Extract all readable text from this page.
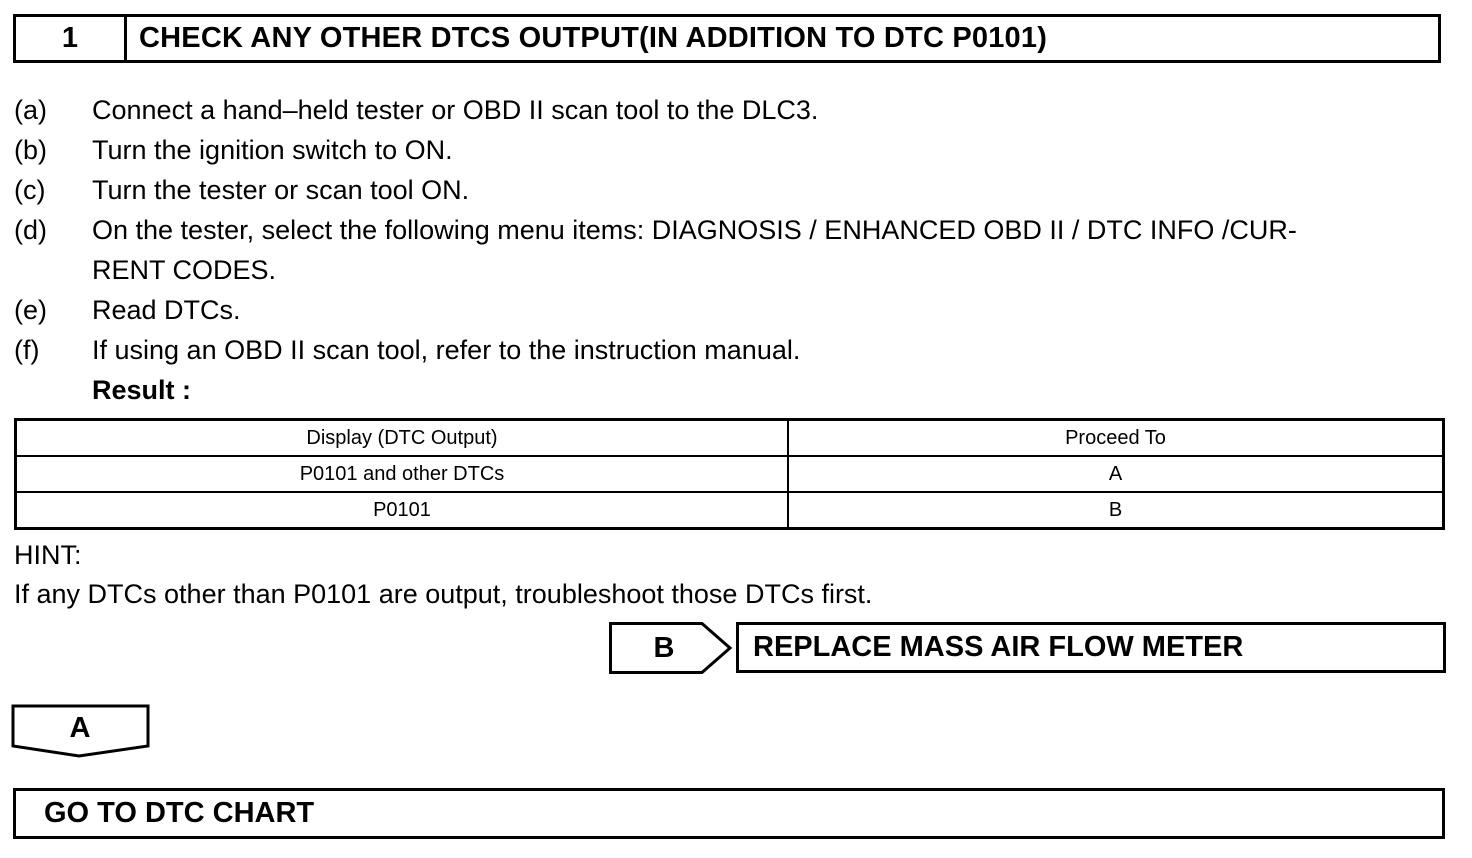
1	CHECK ANY OTHER DTCS OUTPUT(IN ADDITION TO DTC P0101)
(a)	Connect a hand–held tester or OBD II scan tool to the DLC3.
(b)	Turn the ignition switch to ON.
(c)	Turn the tester or scan tool ON.
(d)	On the tester, select the following menu items: DIAGNOSIS / ENHANCED OBD II / DTC INFO /CUR-
RENT CODES.
(e)	Read DTCs.
(f)	If using an OBD II scan tool, refer to the instruction manual.
Result :
Display (DTC Output)	Proceed To
P0101 and other DTCs	A
P0101	B
HINT:
If any DTCs other than P0101 are output, troubleshoot those DTCs first.
B	REPLACE MASS AIR FLOW METER
A
GO TO DTC CHART
